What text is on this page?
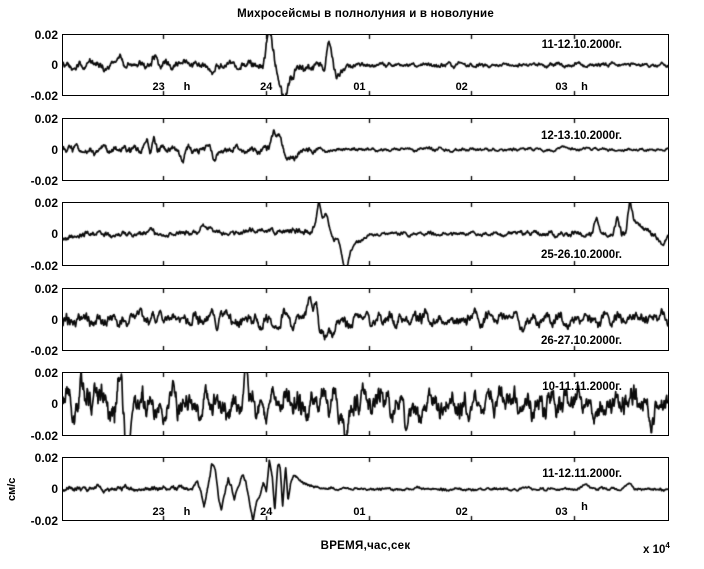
Михросейсмы в полнолуния и в новолуние
0.02
0
-0.02
11-12.10.2000г.
23 h	24	01	02	03 h
0.02
0
-0.02
12-13.10.2000г.
0.02
0
-0.02
25-26.10.2000г.
0.02
0
-0.02
26-27.10.2000г.
0.02
0
-0.02
10-11.11.2000г.
0.02
0
-0.02
11-12.11.2000г.
23 h	24	01	02	03 h
см/с
ВРЕМЯ,час,сек	x $10^4$
